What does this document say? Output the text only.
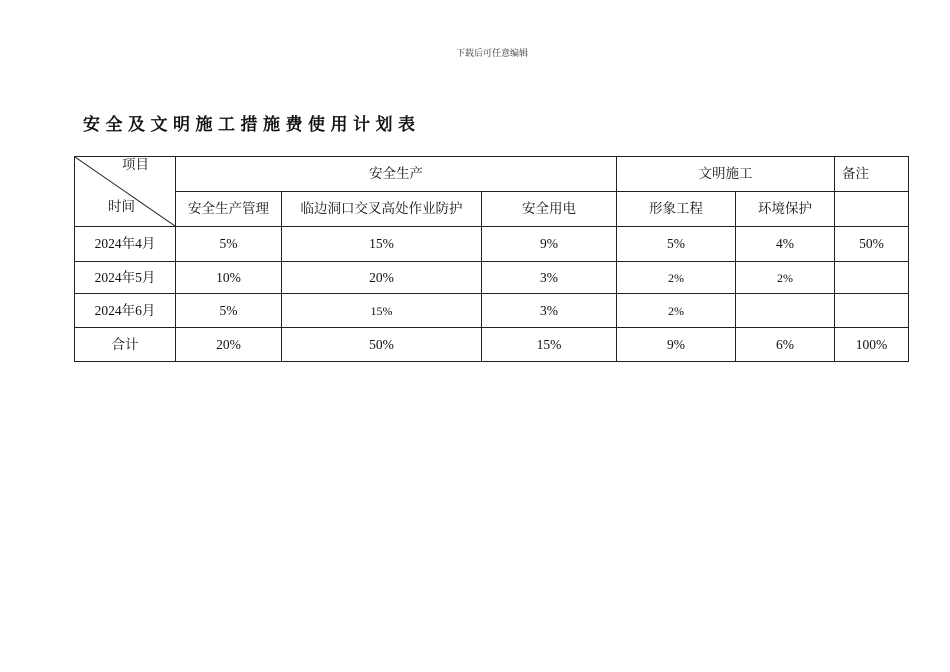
下载后可任意编辑
安全及文明施工措施费使用计划表
项目
时间	安全生产			文明施工		备注
	安全生产管理	临边洞口交叉高处作业防护	安全用电	形象工程	环境保护	
2024年4月	5%	15%	9%	5%	4%	50%
2024年5月	10%	20%	3%	2%	2%	
2024年6月	5%	15%	3%	2%		
合计	20%	50%	15%	9%	6%	100%
